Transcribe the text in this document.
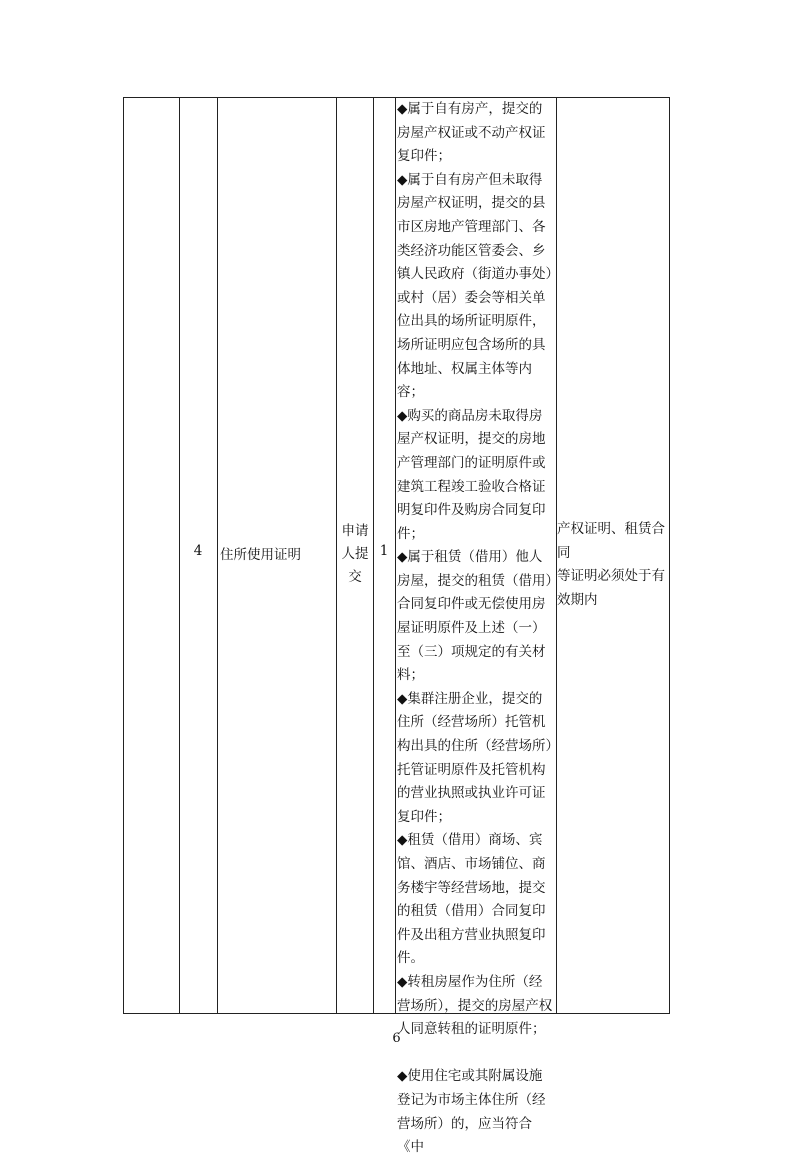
4	住所使用证明
申请
人提
交
1

◆属于自有房产，提交的

房屋产权证或不动产权证

复印件；

◆属于自有房产但未取得

房屋产权证明，提交的县

市区房地产管理部门、各

类经济功能区管委会、乡

镇人民政府（街道办事处）

或村（居）委会等相关单

位出具的场所证明原件，

场所证明应包含场所的具

体地址、权属主体等内容；

◆购买的商品房未取得房

屋产权证明，提交的房地

产管理部门的证明原件或

建筑工程竣工验收合格证

明复印件及购房合同复印

件；

◆属于租赁（借用）他人

房屋，提交的租赁（借用）

合同复印件或无偿使用房

屋证明原件及上述（一）

至（三）项规定的有关材

料；

◆集群注册企业，提交的

住所（经营场所）托管机

构出具的住所（经营场所）

托管证明原件及托管机构

的营业执照或执业许可证

复印件；

◆租赁（借用）商场、宾

馆、酒店、市场铺位、商

务楼宇等经营场地，提交

的租赁（借用）合同复印

件及出租方营业执照复印

件。

◆转租房屋作为住所（经

营场所），提交的房屋产权

人同意转租的证明原件；

◆使用住宅或其附属设施

登记为市场主体住所（经

营场所）的，应当符合《中

产权证明、租赁合同
等证明必须处于有
效期内
6
